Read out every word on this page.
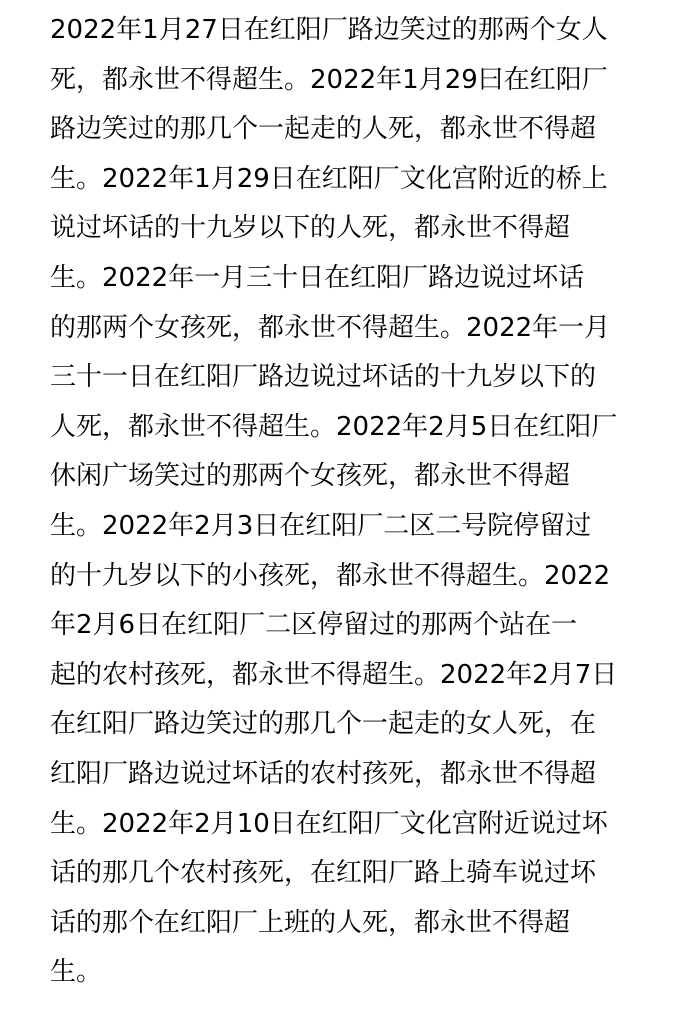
2022年1月27日在红阳厂路边笑过的那两个女人
死，都永世不得超生。2022年1月29曰在红阳厂
路边笑过的那几个一起走的人死，都永世不得超
生。2022年1月29日在红阳厂文化宫附近的桥上
说过坏话的十九岁以下的人死，都永世不得超
生。2022年一月三十日在红阳厂路边说过坏话
的那两个女孩死，都永世不得超生。2022年一月
三十一日在红阳厂路边说过坏话的十九岁以下的
人死，都永世不得超生。2022年2月5日在红阳厂
休闲广场笑过的那两个女孩死，都永世不得超
生。2022年2月3日在红阳厂二区二号院停留过
的十九岁以下的小孩死，都永世不得超生。2022
年2月6日在红阳厂二区停留过的那两个站在一
起的农村孩死，都永世不得超生。2022年2月7日
在红阳厂路边笑过的那几个一起走的女人死，在
红阳厂路边说过坏话的农村孩死，都永世不得超
生。2022年2月10日在红阳厂文化宫附近说过坏
话的那几个农村孩死，在红阳厂路上骑车说过坏
话的那个在红阳厂上班的人死，都永世不得超
生。
